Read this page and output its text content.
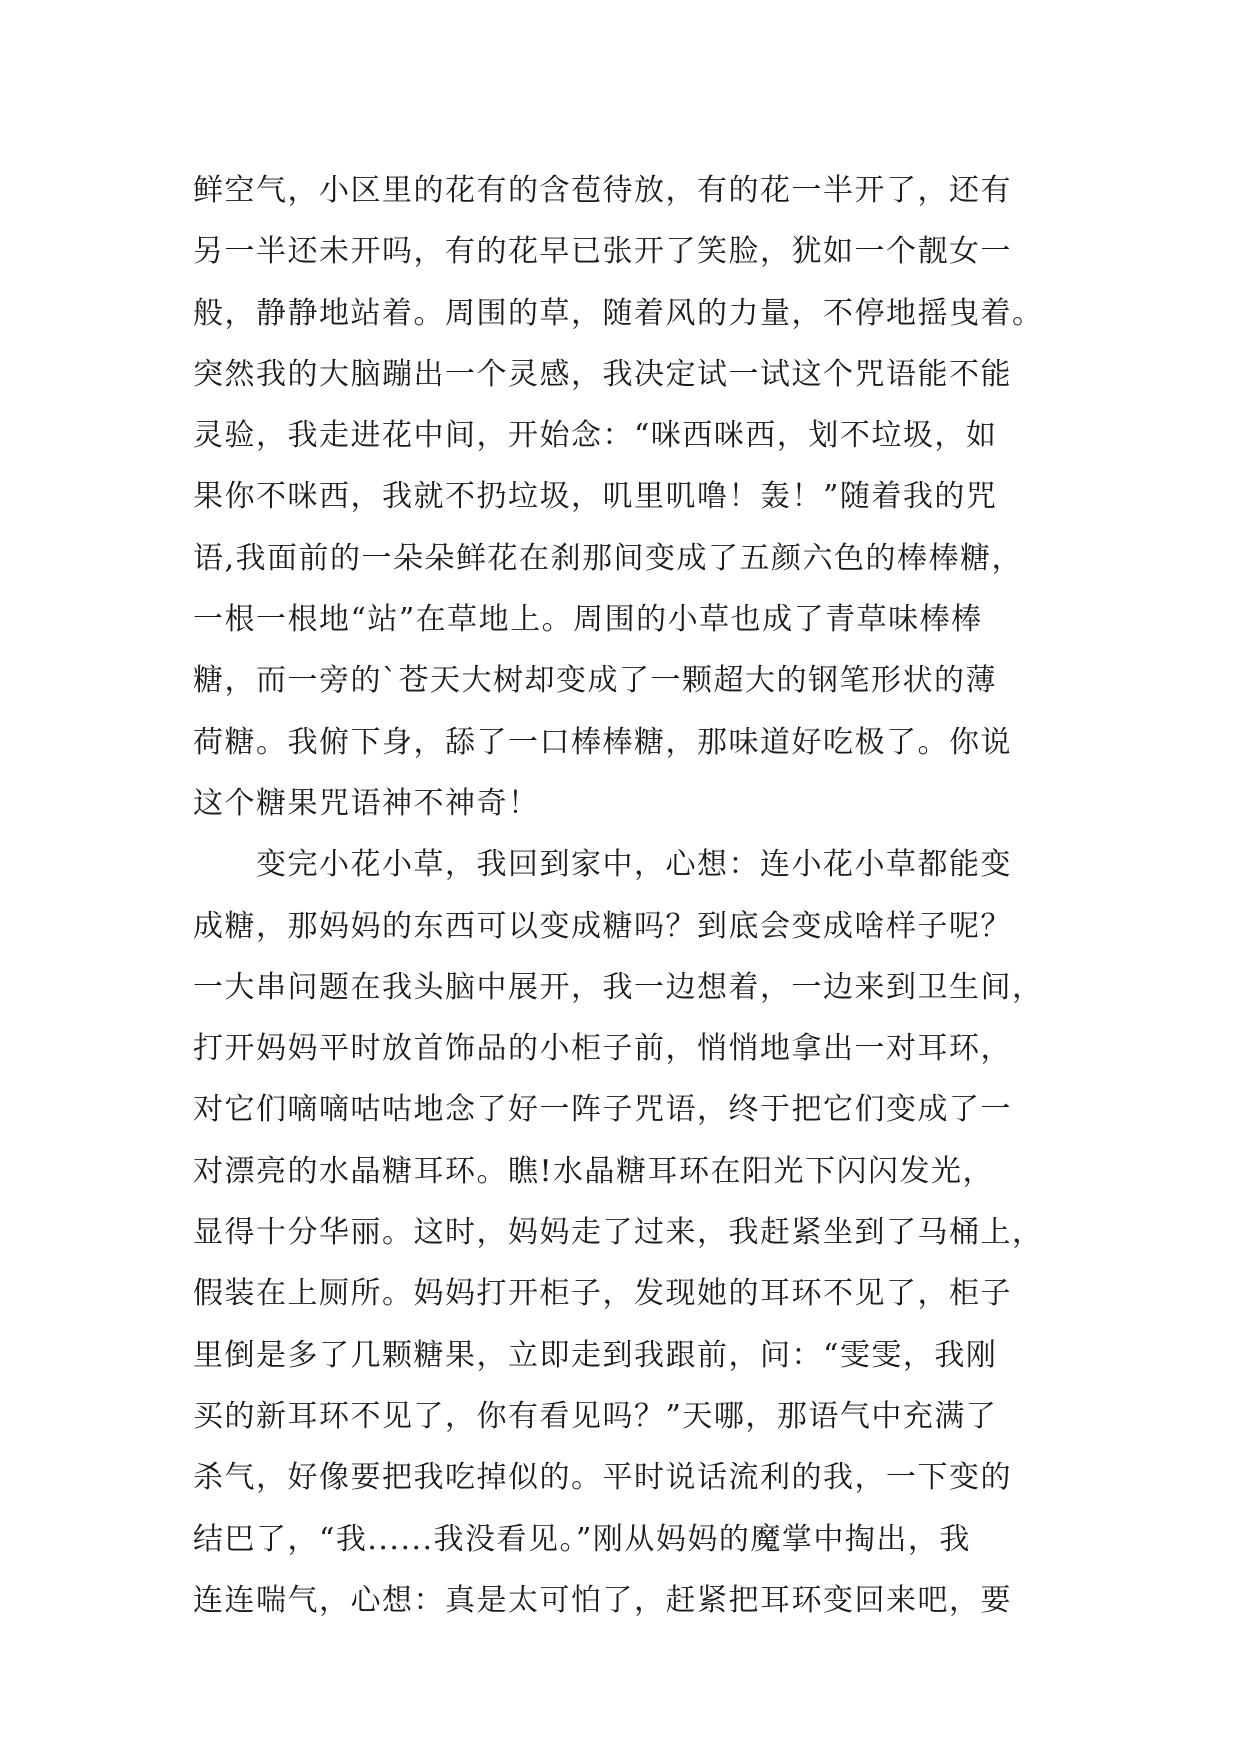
鲜空气，小区里的花有的含苞待放，有的花一半开了，还有
另一半还未开吗，有的花早已张开了笑脸，犹如一个靓女一
般，静静地站着。周围的草，随着风的力量，不停地摇曳着。
突然我的大脑蹦出一个灵感，我决定试一试这个咒语能不能
灵验，我走进花中间，开始念：“咪西咪西，划不垃圾，如
果你不咪西，我就不扔垃圾，叽里叽噜！轰！”随着我的咒
语,我面前的一朵朵鲜花在刹那间变成了五颜六色的棒棒糖，
一根一根地“站”在草地上。周围的小草也成了青草味棒棒
糖，而一旁的`苍天大树却变成了一颗超大的钢笔形状的薄
荷糖。我俯下身，舔了一口棒棒糖，那味道好吃极了。你说
这个糖果咒语神不神奇！
　　变完小花小草，我回到家中，心想：连小花小草都能变
成糖，那妈妈的东西可以变成糖吗？到底会变成啥样子呢？
一大串问题在我头脑中展开，我一边想着，一边来到卫生间，
打开妈妈平时放首饰品的小柜子前，悄悄地拿出一对耳环，
对它们嘀嘀咕咕地念了好一阵子咒语，终于把它们变成了一
对漂亮的水晶糖耳环。瞧!水晶糖耳环在阳光下闪闪发光，
显得十分华丽。这时，妈妈走了过来，我赶紧坐到了马桶上，
假装在上厕所。妈妈打开柜子，发现她的耳环不见了，柜子
里倒是多了几颗糖果，立即走到我跟前，问：“雯雯，我刚
买的新耳环不见了，你有看见吗？”天哪，那语气中充满了
杀气，好像要把我吃掉似的。平时说话流利的我，一下变的
结巴了，“我......我没看见。”刚从妈妈的魔掌中掏出，我
连连喘气，心想：真是太可怕了，赶紧把耳环变回来吧，要
